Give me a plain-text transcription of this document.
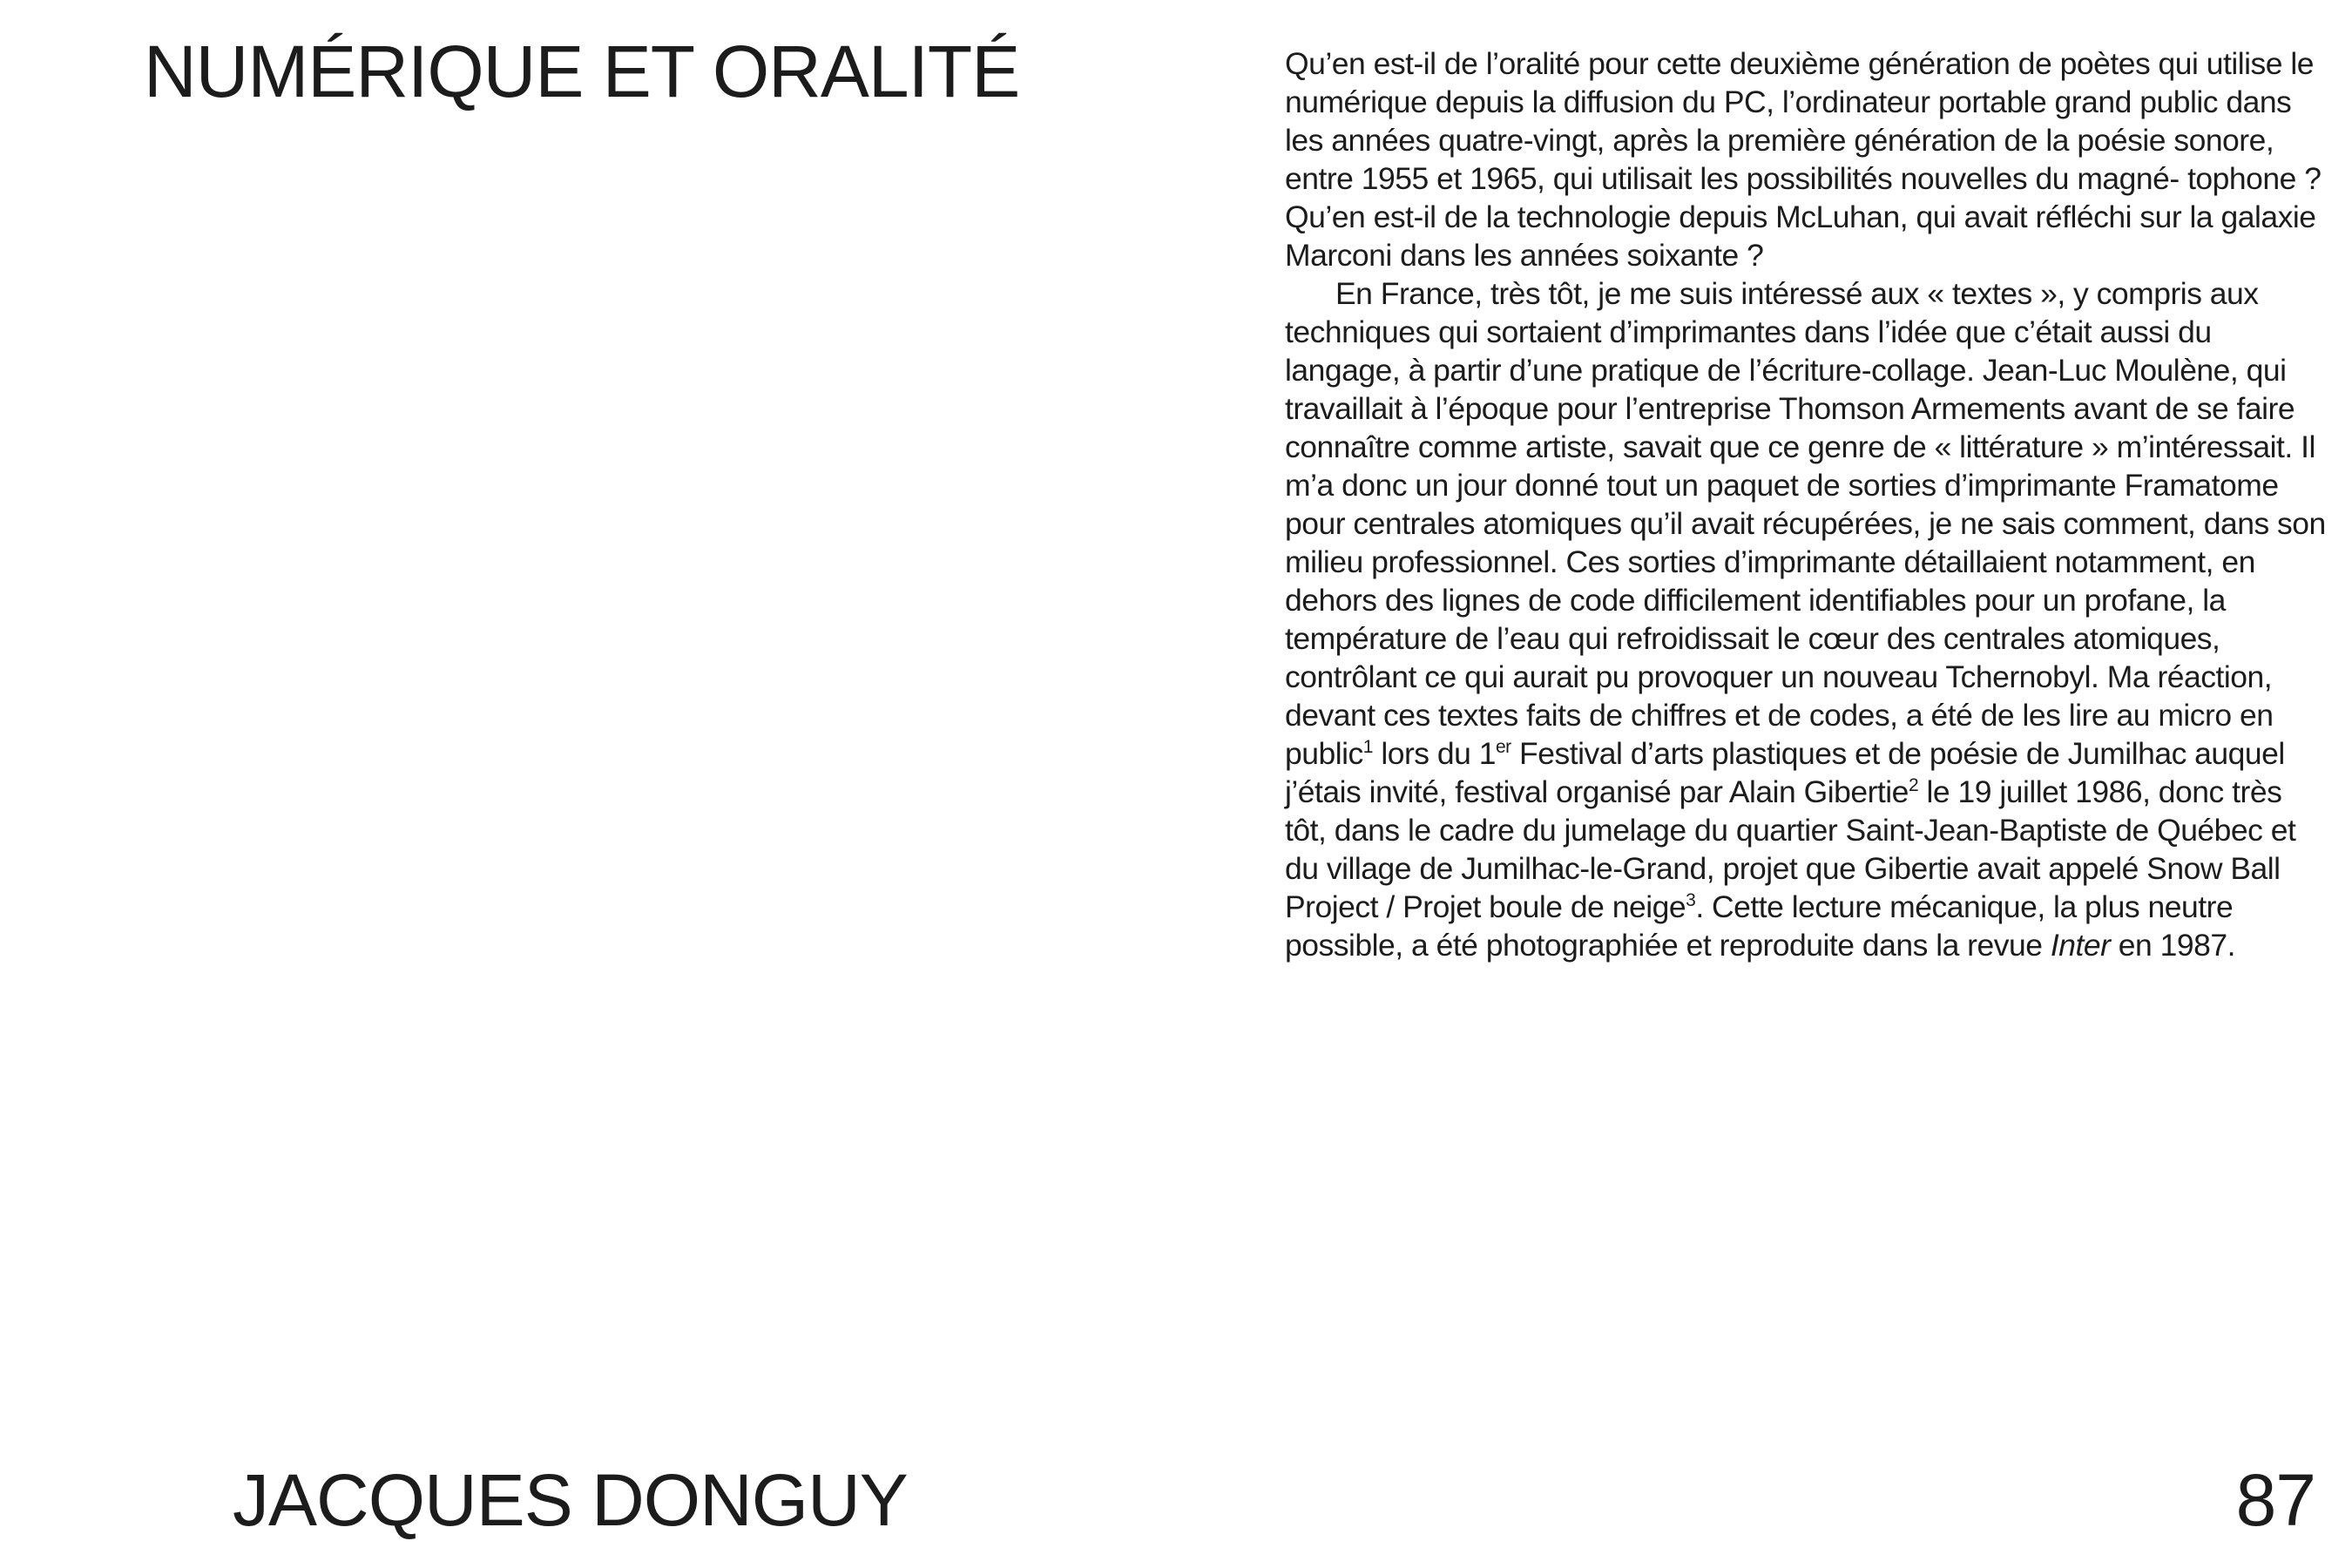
NUMÉRIQUE ET ORALITÉ	Qu’en est-il de l’oralité pour cette deuxième génération de poètes qui utilise le numérique depuis la diffusion du PC, l’ordinateur portable grand public dans les années quatre-vingt, après la première génération de la poésie sonore, entre 1955 et 1965, qui utilisait les possibilités nouvelles du magné- tophone ? Qu’en est-il de la technologie depuis McLuhan, qui avait réfléchi sur la galaxie Marconi dans les années soixante ?

En France, très tôt, je me suis intéressé aux « textes », y compris aux techniques qui sortaient d’imprimantes dans l’idée que c’était aussi du langage, à partir d’une pratique de l’écriture-collage. Jean-Luc Moulène, qui travaillait à l’époque pour l’entreprise Thomson Armements avant de se faire connaître comme artiste, savait que ce genre de « littérature » m’intéressait. Il m’a donc un jour donné tout un paquet de sorties d’imprimante Framatome pour centrales atomiques qu’il avait récupérées, je ne sais comment, dans son milieu professionnel. Ces sorties d’imprimante détaillaient notamment, en dehors des lignes de code difficilement identifiables pour un profane, la température de l’eau qui refroidissait le cœur des centrales atomiques, contrôlant ce qui aurait pu provoquer un nouveau Tchernobyl. Ma réaction, devant ces textes faits de chiffres et de codes, a été de les lire au micro en public$^1$ lors du 1er Festival d’arts plastiques et de poésie de Jumilhac auquel j’étais invité, festival organisé par Alain Gibertie$^2$ le 19 juillet 1986, donc très tôt, dans le cadre du jumelage du quartier Saint-Jean-Baptiste de Québec et du village de Jumilhac-le-Grand, projet que Gibertie avait appelé Snow Ball Project / Projet boule de neige$^3$. Cette lecture mécanique, la plus neutre possible, a été photographiée et reproduite dans la revue Inter en 1987.

JACQUES DONGUY	87
